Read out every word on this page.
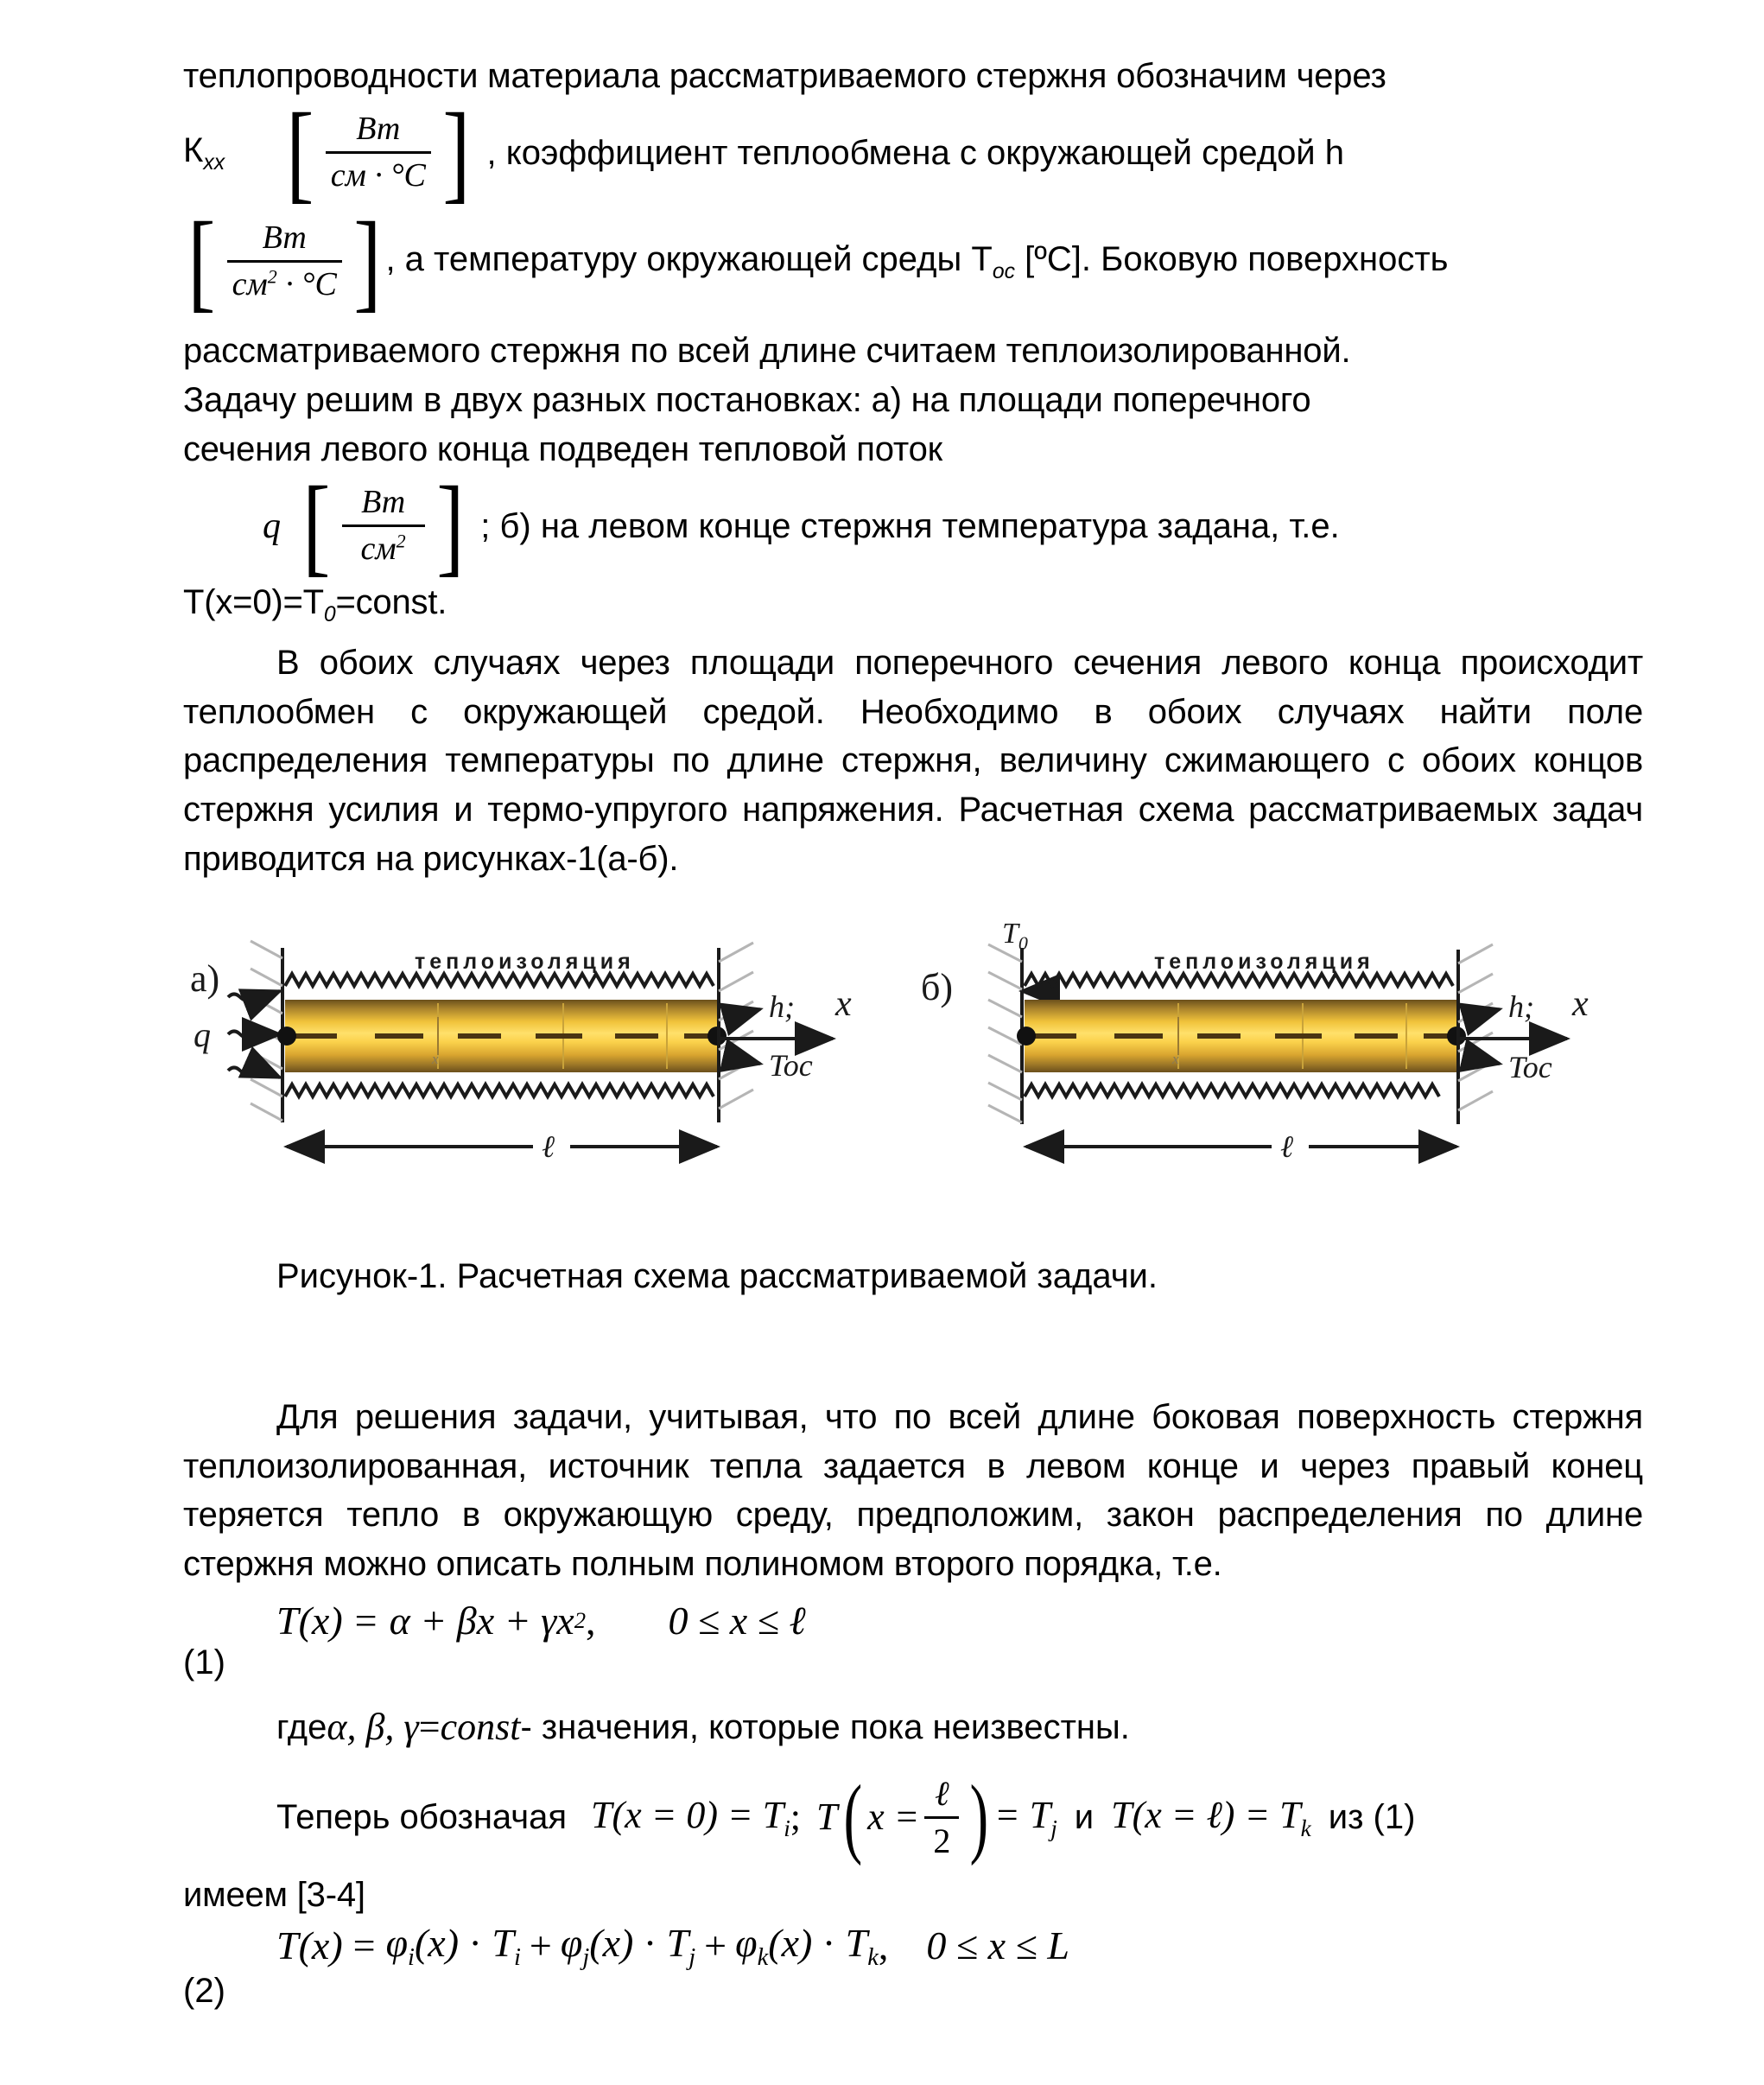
теплопроводности материала рассматриваемого стержня обозначим через

$К_{xx}$ [ $\frac{Вт}{см \cdot ^\circ C}$ ] , коэффициент теплообмена с окружающей средой h
[ $\frac{Вт}{см^2 \cdot ^\circ C}$ ] , а температуру окружающей среды $Т_{ос}$ [ºС]. Боковую поверхность

рассматриваемого стержня по всей длине считаем теплоизолированной.

Задачу решим в двух разных постановках: а) на площади поперечного

сечения левого конца подведен тепловой поток

q [ $\frac{Вт}{см^2}$ ] ; б) на левом конце стержня температура задана, т.е.

$T(x=0)=T_0=const$.

В обоих случаях через площади поперечного сечения левого конца происходит теплообмен с окружающей средой. Необходимо в обоих случаях найти поле распределения температуры по длине стержня, величину сжимающего с обоих концов стержня усилия и термо-упругого напряжения. Расчетная схема рассматриваемых задач приводится на рисунках-1(а-б).

a)
q
теплоизоляция
x
h;
Toc
x
ℓ
б)
$T_0$
теплоизоляция
x
h;
Toc
x
ℓ

Рисунок-1. Расчетная схема рассматриваемой задачи.

Для решения задачи, учитывая, что по всей длине боковая поверхность стержня теплоизолированная, источник тепла задается в левом конце и через правый конец теряется тепло в окружающую среду, предположим, закон распределения по длине стержня можно описать полным полиномом второго порядка, т.е.

T(x) = α + βx + γx 2 , 0 ≤ x ≤ ℓ

(1)

где α, β, γ = const - значения, которые пока неизвестны.
Теперь обозначая $T(x = 0) = T_i$ ; T ( x =
ℓ
2 ) = $T_j$ и T(x = ℓ) = $T_k$ из (1)

имеем [3-4]

$T(x) = \varphi_i(x) \cdot T_i + \varphi_j(x) \cdot T_j + \varphi_k(x) \cdot T_k$ , 0 ≤ x ≤ L

(2)
